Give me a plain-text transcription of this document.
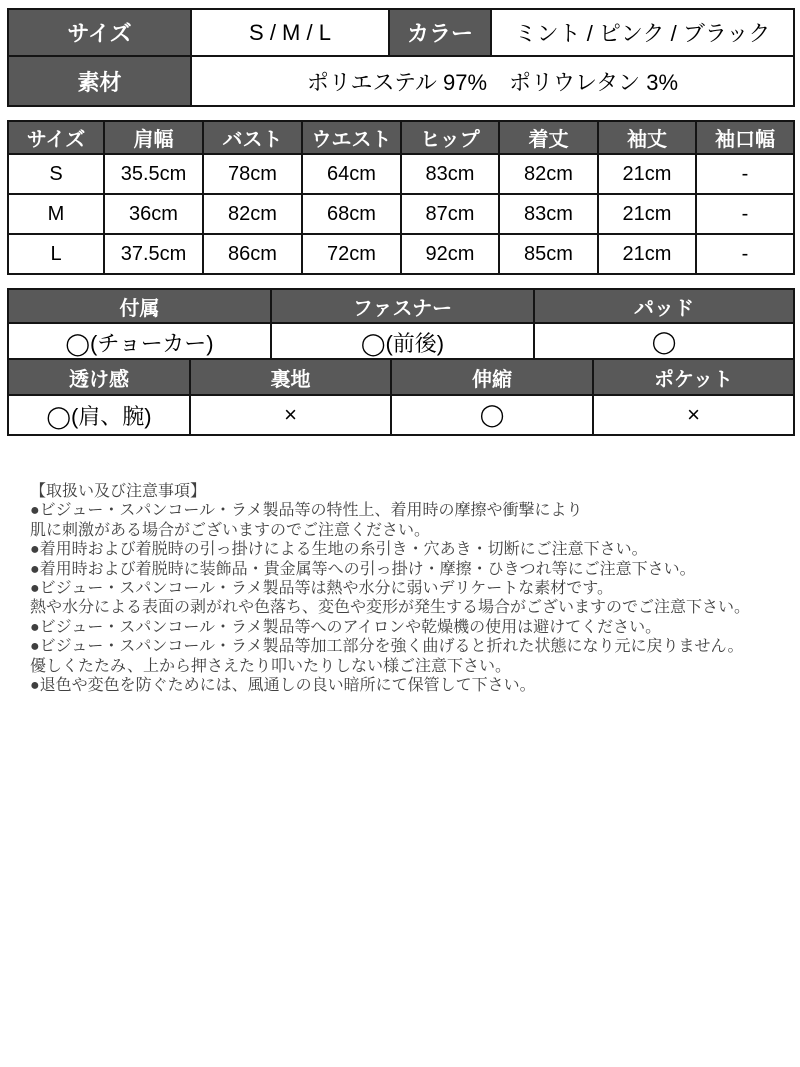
サイズ	S / M / L	カラー	ミント / ピンク / ブラック
素材	ポリエステル 97%　ポリウレタン 3%		
サイズ	肩幅	バスト	ウエスト	ヒップ	着丈	袖丈	袖口幅
S	35.5cm	78cm	64cm	83cm	82cm	21cm	-
M	36cm	82cm	68cm	87cm	83cm	21cm	-
L	37.5cm	86cm	72cm	92cm	85cm	21cm	-
付属	ファスナー	パッド
◯(チョーカー)	◯(前後)	◯
透け感	裏地	伸縮	ポケット
◯(肩、腕)	×	◯	×
【取扱い及び注意事項】
●ビジュー・スパンコール・ラメ製品等の特性上、着用時の摩擦や衝撃により
肌に刺激がある場合がございますのでご注意ください。
●着用時および着脱時の引っ掛けによる生地の糸引き・穴あき・切断にご注意下さい。
●着用時および着脱時に装飾品・貴金属等への引っ掛け・摩擦・ひきつれ等にご注意下さい。
●ビジュー・スパンコール・ラメ製品等は熱や水分に弱いデリケートな素材です。
熱や水分による表面の剥がれや色落ち、変色や変形が発生する場合がございますのでご注意下さい。
●ビジュー・スパンコール・ラメ製品等へのアイロンや乾燥機の使用は避けてください。
●ビジュー・スパンコール・ラメ製品等加工部分を強く曲げると折れた状態になり元に戻りません。
優しくたたみ、上から押さえたり叩いたりしない様ご注意下さい。
●退色や変色を防ぐためには、風通しの良い暗所にて保管して下さい。
